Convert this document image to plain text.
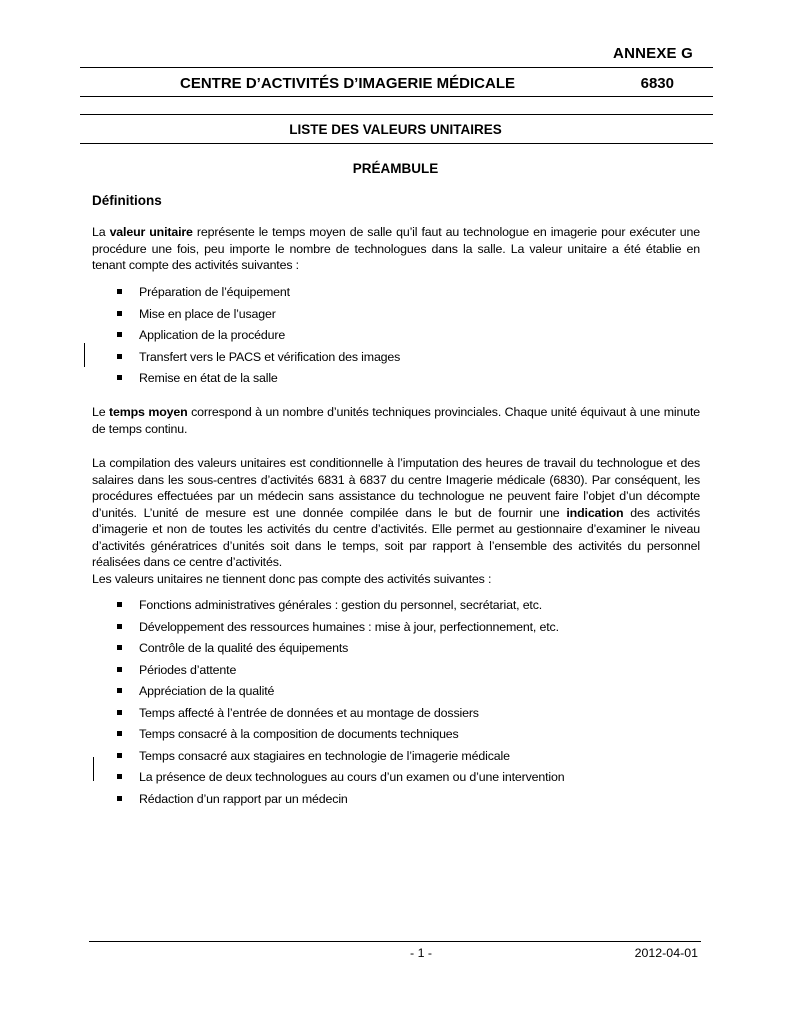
ANNEXE G
CENTRE D’ACTIVITÉS D’IMAGERIE MÉDICALE	6830
LISTE DES VALEURS UNITAIRES
PRÉAMBULE
Définitions
La valeur unitaire représente le temps moyen de salle qu’il faut au technologue en imagerie pour exécuter une procédure une fois, peu importe le nombre de technologues dans la salle. La valeur unitaire a été établie en tenant compte des activités suivantes :
Préparation de l’équipement
Mise en place de l’usager
Application de la procédure
Transfert vers le PACS et vérification des images
Remise en état de la salle
Le temps moyen correspond à un nombre d’unités techniques provinciales. Chaque unité équivaut à une minute de temps continu.
La compilation des valeurs unitaires est conditionnelle à l’imputation des heures de travail du technologue et des salaires dans les sous-centres d’activités 6831 à 6837 du centre Imagerie médicale (6830). Par conséquent, les procédures effectuées par un médecin sans assistance du technologue ne peuvent faire l’objet d’un décompte d’unités. L’unité de mesure est une donnée compilée dans le but de fournir une indication des activités d’imagerie et non de toutes les activités du centre d’activités. Elle permet au gestionnaire d’examiner le niveau d’activités génératrices d’unités soit dans le temps, soit par rapport à l’ensemble des activités du personnel réalisées dans ce centre d’activités.
Les valeurs unitaires ne tiennent donc pas compte des activités suivantes :
Fonctions administratives générales : gestion du personnel, secrétariat, etc.
Développement des ressources humaines : mise à jour, perfectionnement, etc.
Contrôle de la qualité des équipements
Périodes d’attente
Appréciation de la qualité
Temps affecté à l’entrée de données et au montage de dossiers
Temps consacré à la composition de documents techniques
Temps consacré aux stagiaires en technologie de l’imagerie médicale
La présence de deux technologues au cours d’un examen ou d’une intervention
Rédaction d’un rapport par un médecin
- 1 -	2012-04-01
